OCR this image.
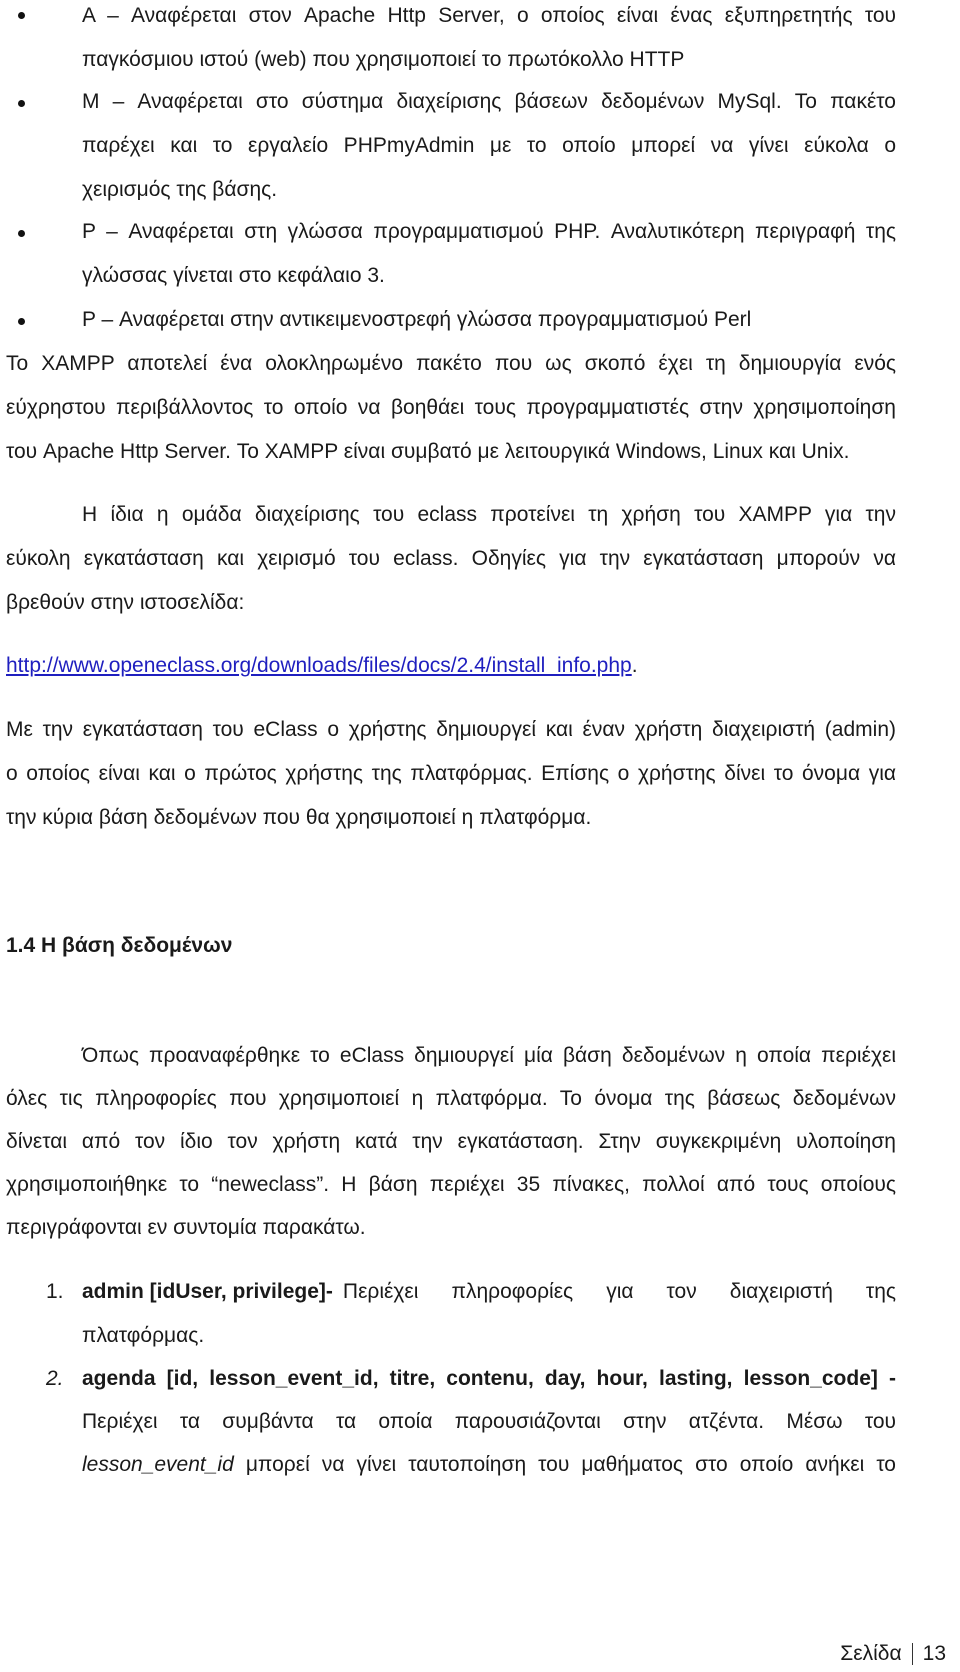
A – Αναφέρεται στον Apache Http Server, ο οποίος είναι ένας εξυπηρετητής του
παγκόσμιου ιστού (web) που χρησιμοποιεί το πρωτόκολλο HTTP
M – Αναφέρεται στο σύστημα διαχείρισης βάσεων δεδομένων MySql. Το πακέτο
παρέχει και το εργαλείο PHPmyAdmin με το οποίο μπορεί να γίνει εύκολα ο
χειρισμός της βάσης.
P – Αναφέρεται στη γλώσσα προγραμματισμού PHP. Αναλυτικότερη περιγραφή της
γλώσσας γίνεται στο κεφάλαιο 3.
P – Αναφέρεται στην αντικειμενοστρεφή γλώσσα προγραμματισμού Perl
Το XAMPP αποτελεί ένα ολοκληρωμένο πακέτο που ως σκοπό έχει τη δημιουργία ενός
εύχρηστου περιβάλλοντος το οποίο να βοηθάει τους προγραμματιστές στην χρησιμοποίηση
του Apache Http Server. Το XAMPP είναι συμβατό με λειτουργικά Windows, Linux και Unix.
Η ίδια η ομάδα διαχείρισης του eclass προτείνει τη χρήση του XAMPP για την
εύκολη εγκατάσταση και χειρισμό του eclass. Οδηγίες για την εγκατάσταση μπορούν να
βρεθούν στην ιστοσελίδα:
http://www.openeclass.org/downloads/files/docs/2.4/install_info.php.
Με την εγκατάσταση του eClass ο χρήστης δημιουργεί και έναν χρήστη διαχειριστή (admin)
ο οποίος είναι και ο πρώτος χρήστης της πλατφόρμας. Επίσης ο χρήστης δίνει το όνομα για
την κύρια βάση δεδομένων που θα χρησιμοποιεί η πλατφόρμα.
1.4 Η βάση δεδομένων
Όπως προαναφέρθηκε το eClass δημιουργεί μία βάση δεδομένων η οποία περιέχει
όλες τις πληροφορίες που χρησιμοποιεί η πλατφόρμα. Το όνομα της βάσεως δεδομένων
δίνεται από τον ίδιο τον χρήστη κατά την εγκατάσταση. Στην συγκεκριμένη υλοποίηση
χρησιμοποιήθηκε το “neweclass”. Η βάση περιέχει 35 πίνακες, πολλοί από τους οποίους
περιγράφονται εν συντομία παρακάτω.
1. admin [idUser, privilege]- Περιέχει πληροφορίες για τον διαχειριστή της
πλατφόρμας.
2. agenda [id, lesson_event_id, titre, contenu, day, hour, lasting, lesson_code] -
Περιέχει τα συμβάντα τα οποία παρουσιάζονται στην ατζέντα. Μέσω του
lesson_event_id μπορεί να γίνει ταυτοποίηση του μαθήματος στο οποίο ανήκει το
Σελίδα 13
